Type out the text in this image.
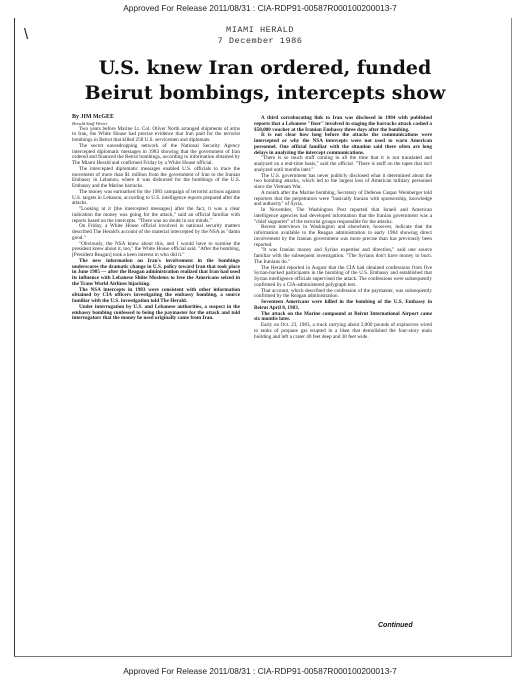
Approved For Release 2011/08/31 : CIA-RDP91-00587R000100200013-7
\	MIAMI HERALD
7 December 1986
U.S. knew Iran ordered, funded
Beirut bombings, intercepts show

By JIM McGEE

Herald Staff Writer

Two years before Marine Lt. Col. Oliver North arranged shipments of arms to Iran, the White House had precise evidence that Iran paid for the terrorist bombings in Beirut that killed 258 U.S. servicemen and diplomats.

The secret eavesdropping network of the National Security Agency intercepted diplomatic messages in 1983 showing that the government of Iran ordered and financed the Beirut bombings, according to information obtained by The Miami Herald and confirmed Friday by a White House official.

The intercepted diplomatic messages enabled U.S. officials to trace the movement of more than $1 million from the government of Iran to the Iranian Embassy in Lebanon, where it was disbursed for the bombings of the U.S. Embassy and the Marine barracks.

The money was earmarked for the 1983 campaign of terrorist actions against U.S. targets in Lebanon, according to U.S. intelligence reports prepared after the attacks.

"Looking at it [the intercepted messages] after the fact, it was a clear indication the money was going for the attack," said an official familiar with reports based on the intercepts. "There was no doubt in our minds."

On Friday, a White House official involved in national security matters described The Herald's account of the material intercepted by the NSA as "damn good."

"Obviously, the NSA knew about this, and I would have to surmise the president knew about it, too," the White House official said. "After the bombing, [President Reagan] took a keen interest in who did it."

The new information on Iran's involvement in the bombings underscores the dramatic change in U.S. policy toward Iran that took place in June 1985 — after the Reagan administration realized that Iran had used its influence with Lebanese Shiite Moslems to free the Americans seized in the Trans World Airlines hijacking.

The NSA intercepts in 1983 were consistent with other information obtained by CIA officers investigating the embassy bombing, a source familiar with the U.S. investigation told The Herald.

Under interrogation by U.S. and Lebanese authorities, a suspect in the embassy bombing confessed to being the paymaster for the attack and told interrogators that the money he used originally came from Iran.

A third corroborating link to Iran was disclosed in 1984 with published reports that a Lebanese "fixer" involved in staging the barracks attack cashed a $50,000 voucher at the Iranian Embassy three days after the bombing.

It is not clear how long before the attacks the communications were intercepted or why the NSA intercepts were not used to warn American personnel. One official familiar with the situation said there often are long delays in analyzing the intercept communications.

"There is so much stuff coming in all the time that it is not translated and analyzed on a real-time basis," said the official. "There is stuff on the tapes that isn't analyzed until months later."

The U.S. government has never publicly disclosed what it determined about the two bombing attacks, which led to the largest loss of American military personnel since the Vietnam War.

A month after the Marine bombing, Secretary of Defense Caspar Weinberger told reporters that the perpetrators were "basically Iranian with sponsorship, knowledge and authority" of Syria.

In November, The Washington Post reported that Israeli and American intelligence agencies had developed information that the Iranian government was a "chief supporter" of the terrorist groups responsible for the attacks.

Recent interviews in Washington and elsewhere, however, indicate that the information available to the Reagan administration in early 1984 showing direct involvement by the Iranian government was more precise than has previously been reported.

"It was Iranian money and Syrian expertise and direction," said one source familiar with the subsequent investigation. "The Syrians don't have money to burn. The Iranians do."

The Herald reported in August that the CIA had obtained confessions from five Syrian-backed participants in the bombing of the U.S. Embassy and established that Syrian intelligence officials supervised the attack. The confessions were subsequently confirmed by a CIA-administered polygraph test.

That account, which described the confession of the paymaster, was subsequently confirmed by the Reagan administration.

Seventeen Americans were killed in the bombing of the U.S. Embassy in Beirut April 8, 1983.

The attack on the Marine compound at Beirut International Airport came six months later.

Early on Oct. 23, 1983, a truck carrying about 2,000 pounds of explosives wired to tanks of propane gas erupted in a blast that demolished the four-story main building and left a crater 40 feet deep and 30 feet wide.

Continued
Approved For Release 2011/08/31 : CIA-RDP91-00587R000100200013-7
